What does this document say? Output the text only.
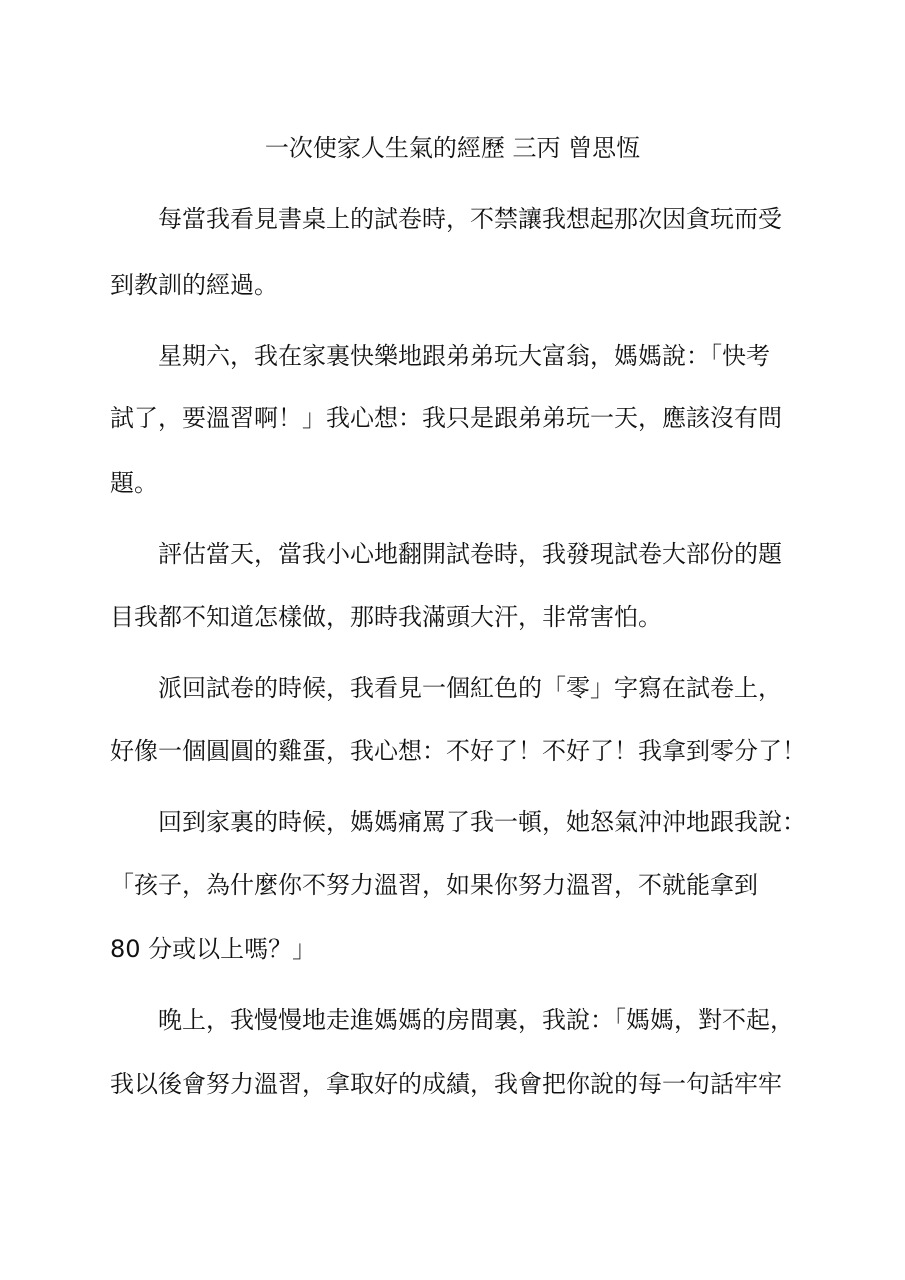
一次使家人生氣的經歷 三丙 曾思恆
每當我看見書桌上的試卷時，不禁讓我想起那次因貪玩而受
到教訓的經過。
星期六，我在家裏快樂地跟弟弟玩大富翁，媽媽說：「快考
試了，要溫習啊！」我心想：我只是跟弟弟玩一天，應該沒有問
題。
評估當天，當我小心地翻開試卷時，我發現試卷大部份的題
目我都不知道怎樣做，那時我滿頭大汗，非常害怕。
派回試卷的時候，我看見一個紅色的「零」字寫在試卷上，
好像一個圓圓的雞蛋，我心想：不好了！不好了！我拿到零分了！
回到家裏的時候，媽媽痛罵了我一頓，她怒氣沖沖地跟我說：
「孩子，為什麼你不努力溫習，如果你努力溫習，不就能拿到
80 分或以上嗎？」
晚上，我慢慢地走進媽媽的房間裏，我說：「媽媽，對不起，
我以後會努力溫習，拿取好的成績，我會把你說的每一句話牢牢
